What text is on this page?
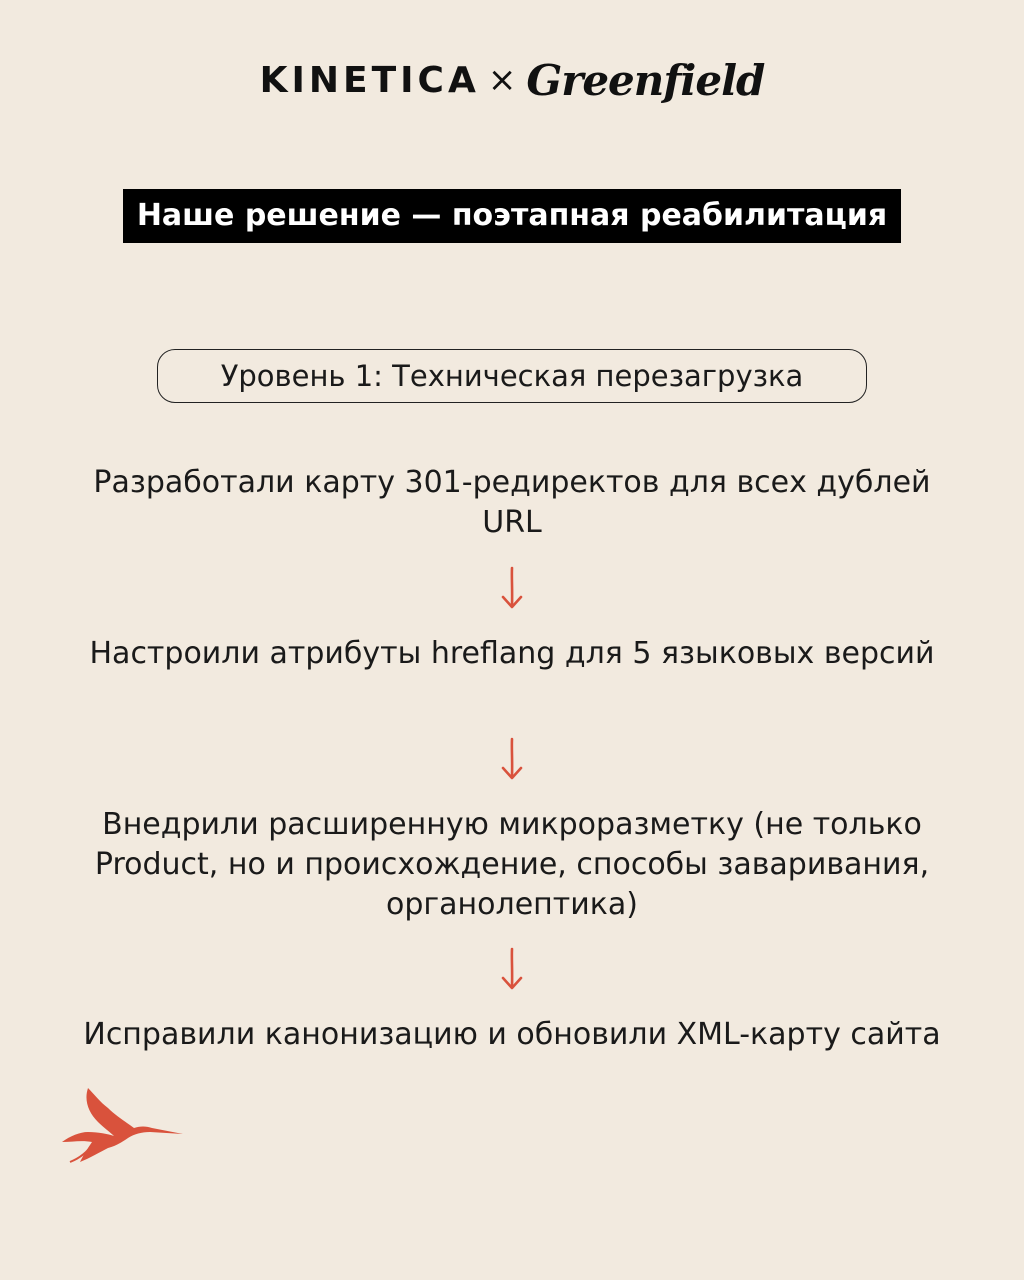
KINETICA × Greenfield
Наше решение — поэтапная реабилитация
Уровень 1: Техническая перезагрузка
Разработали карту 301-редиректов для всех дублей URL
Настроили атрибуты hreflang для 5 языковых версий
Внедрили расширенную микроразметку (не только Product, но и происхождение, способы заваривания, органолептика)
Исправили канонизацию и обновили XML-карту сайта
